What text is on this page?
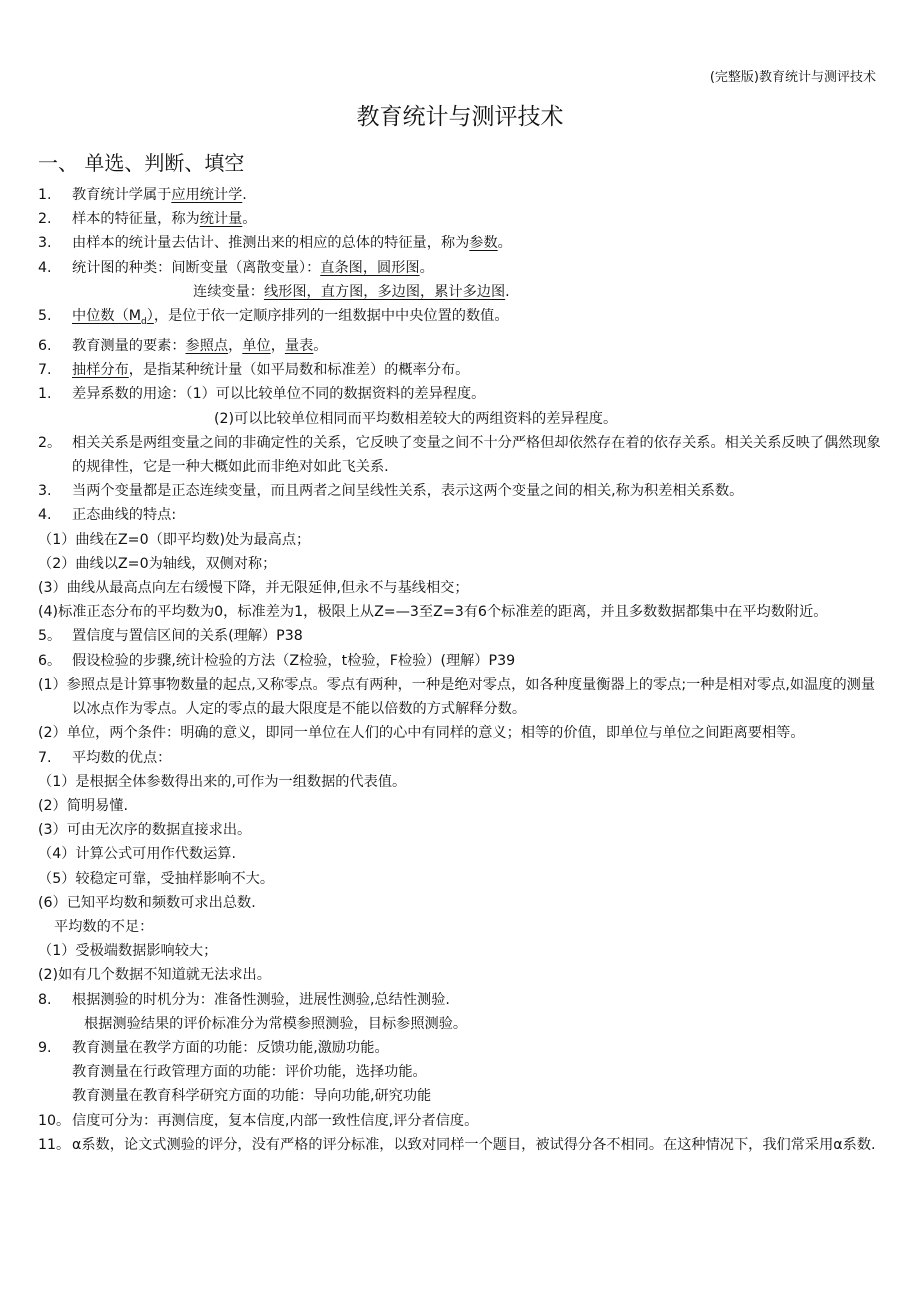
(完整版)教育统计与测评技术
教育统计与测评技术
一、 单选、判断、填空
1. 教育统计学属于应用统计学.
2. 样本的特征量，称为统计量。
3. 由样本的统计量去估计、推测出来的相应的总体的特征量，称为参数。
4. 统计图的种类：间断变量（离散变量）：直条图，圆形图。
连续变量：线形图，直方图，多边图，累计多边图.
5. 中位数$(M_d)$，是位于依一定顺序排列的一组数据中中央位置的数值。
6. 教育测量的要素：参照点，单位，量表。
7. 抽样分布，是指某种统计量（如平局数和标准差）的概率分布。
1. 差异系数的用途：（1）可以比较单位不同的数据资料的差异程度。
(2)可以比较单位相同而平均数相差较大的两组资料的差异程度。
2。 相关关系是两组变量之间的非确定性的关系，它反映了变量之间不十分严格但却依然存在着的依存关系。相关关系反映了偶然现象的规律性，它是一种大概如此而非绝对如此飞关系.
3. 当两个变量都是正态连续变量，而且两者之间呈线性关系，表示这两个变量之间的相关,称为积差相关系数。
4. 正态曲线的特点:
（1）曲线在Z=0（即平均数)处为最高点；
（2）曲线以Z=0为轴线，双侧对称；
(3）曲线从最高点向左右缓慢下降，并无限延伸,但永不与基线相交；
(4)标准正态分布的平均数为0，标准差为1，极限上从Z=—3至Z=3有6个标准差的距离，并且多数数据都集中在平均数附近。
5。 置信度与置信区间的关系(理解）P38
6。 假设检验的步骤,统计检验的方法（Z检验，t检验，F检验）(理解）P39
(1）参照点是计算事物数量的起点,又称零点。零点有两种，一种是绝对零点，如各种度量衡器上的零点;一种是相对零点,如温度的测量以冰点作为零点。人定的零点的最大限度是不能以倍数的方式解释分数。
(2）单位，两个条件：明确的意义，即同一单位在人们的心中有同样的意义；相等的价值，即单位与单位之间距离要相等。
7. 平均数的优点：
（1）是根据全体参数得出来的,可作为一组数据的代表值。
(2）简明易懂.
(3）可由无次序的数据直接求出。
（4）计算公式可用作代数运算.
（5）较稳定可靠，受抽样影响不大。
(6）已知平均数和频数可求出总数.
平均数的不足：
（1）受极端数据影响较大；
(2)如有几个数据不知道就无法求出。
8. 根据测验的时机分为：准备性测验，进展性测验,总结性测验.
根据测验结果的评价标准分为常模参照测验，目标参照测验。
9. 教育测量在教学方面的功能：反馈功能,激励功能。
教育测量在行政管理方面的功能：评价功能，选择功能。
教育测量在教育科学研究方面的功能：导向功能,研究功能
10。 信度可分为：再测信度，复本信度,内部一致性信度,评分者信度。
11。 α系数，论文式测验的评分，没有严格的评分标准，以致对同样一个题目，被试得分各不相同。在这种情况下，我们常采用α系数.
